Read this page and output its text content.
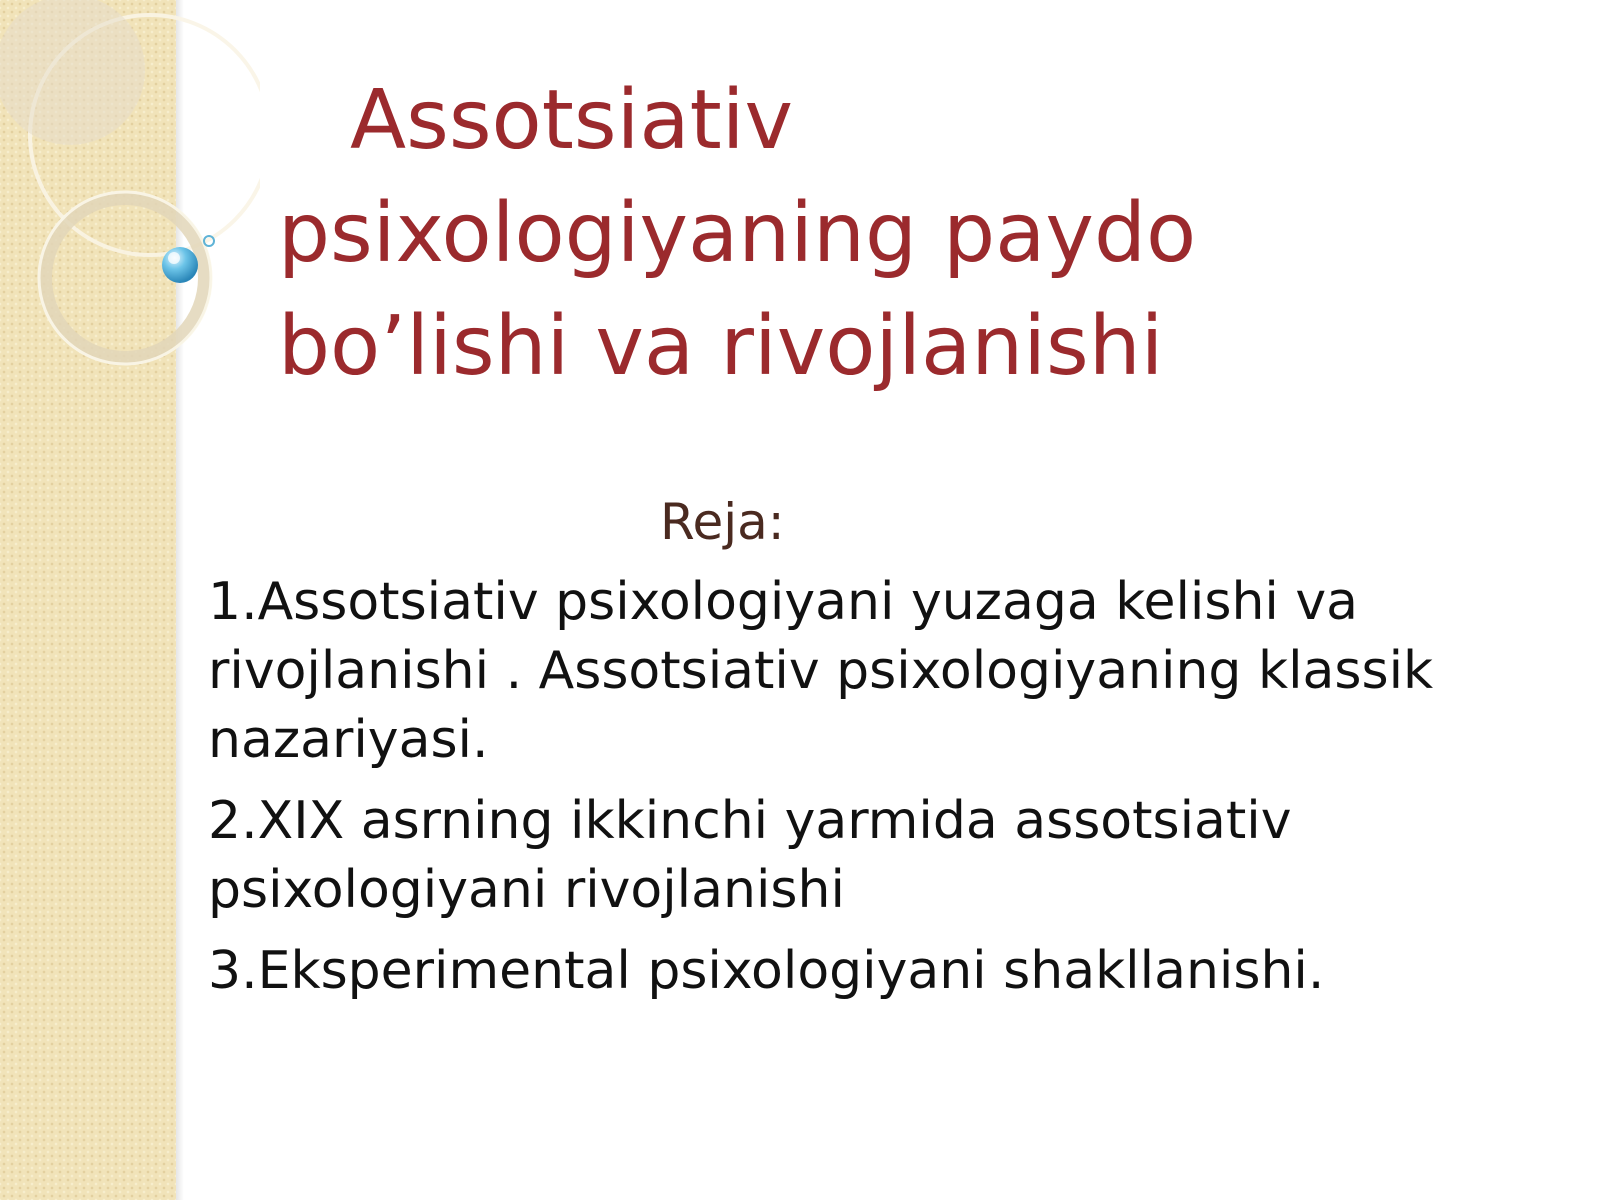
Assotsiativ
psixologiyaning paydo
bo’lishi va rivojlanishi

Reja:

1.Assotsiativ psixologiyani yuzaga kelishi va rivojlanishi . Assotsiativ psixologiyaning klassik nazariyasi.
2.XIX asrning ikkinchi yarmida assotsiativ psixologiyani rivojlanishi
3.Eksperimental psixologiyani shakllanishi.
